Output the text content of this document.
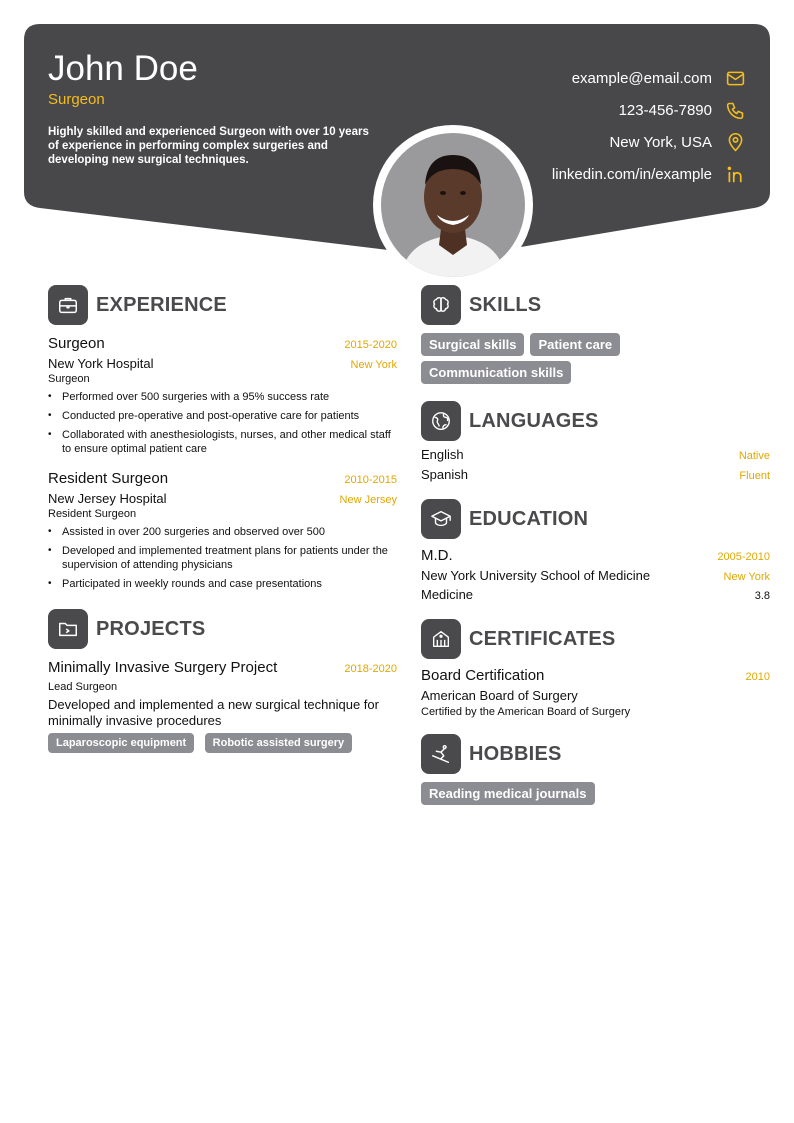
John Doe
Surgeon
Highly skilled and experienced Surgeon with over 10 years of experience in performing complex surgeries and developing new surgical techniques.
example@email.com
123-456-7890
New York, USA
linkedin.com/in/example
EXPERIENCE
Surgeon	2015-2020
New York Hospital	New York
Surgeon
• Performed over 500 surgeries with a 95% success rate
• Conducted pre-operative and post-operative care for patients
• Collaborated with anesthesiologists, nurses, and other medical staff to ensure optimal patient care
Resident Surgeon	2010-2015
New Jersey Hospital	New Jersey
Resident Surgeon
• Assisted in over 200 surgeries and observed over 500
• Developed and implemented treatment plans for patients under the supervision of attending physicians
• Participated in weekly rounds and case presentations
PROJECTS
Minimally Invasive Surgery Project	2018-2020
Lead Surgeon
Developed and implemented a new surgical technique for minimally invasive procedures
Laparoscopic equipment Robotic assisted surgery
SKILLS
Surgical skills Patient care
Communication skills
LANGUAGES
English	Native
Spanish	Fluent
EDUCATION
M.D.	2005-2010
New York University School of Medicine	New York
Medicine	3.8
CERTIFICATES
Board Certification	2010
American Board of Surgery
Certified by the American Board of Surgery
HOBBIES
Reading medical journals
